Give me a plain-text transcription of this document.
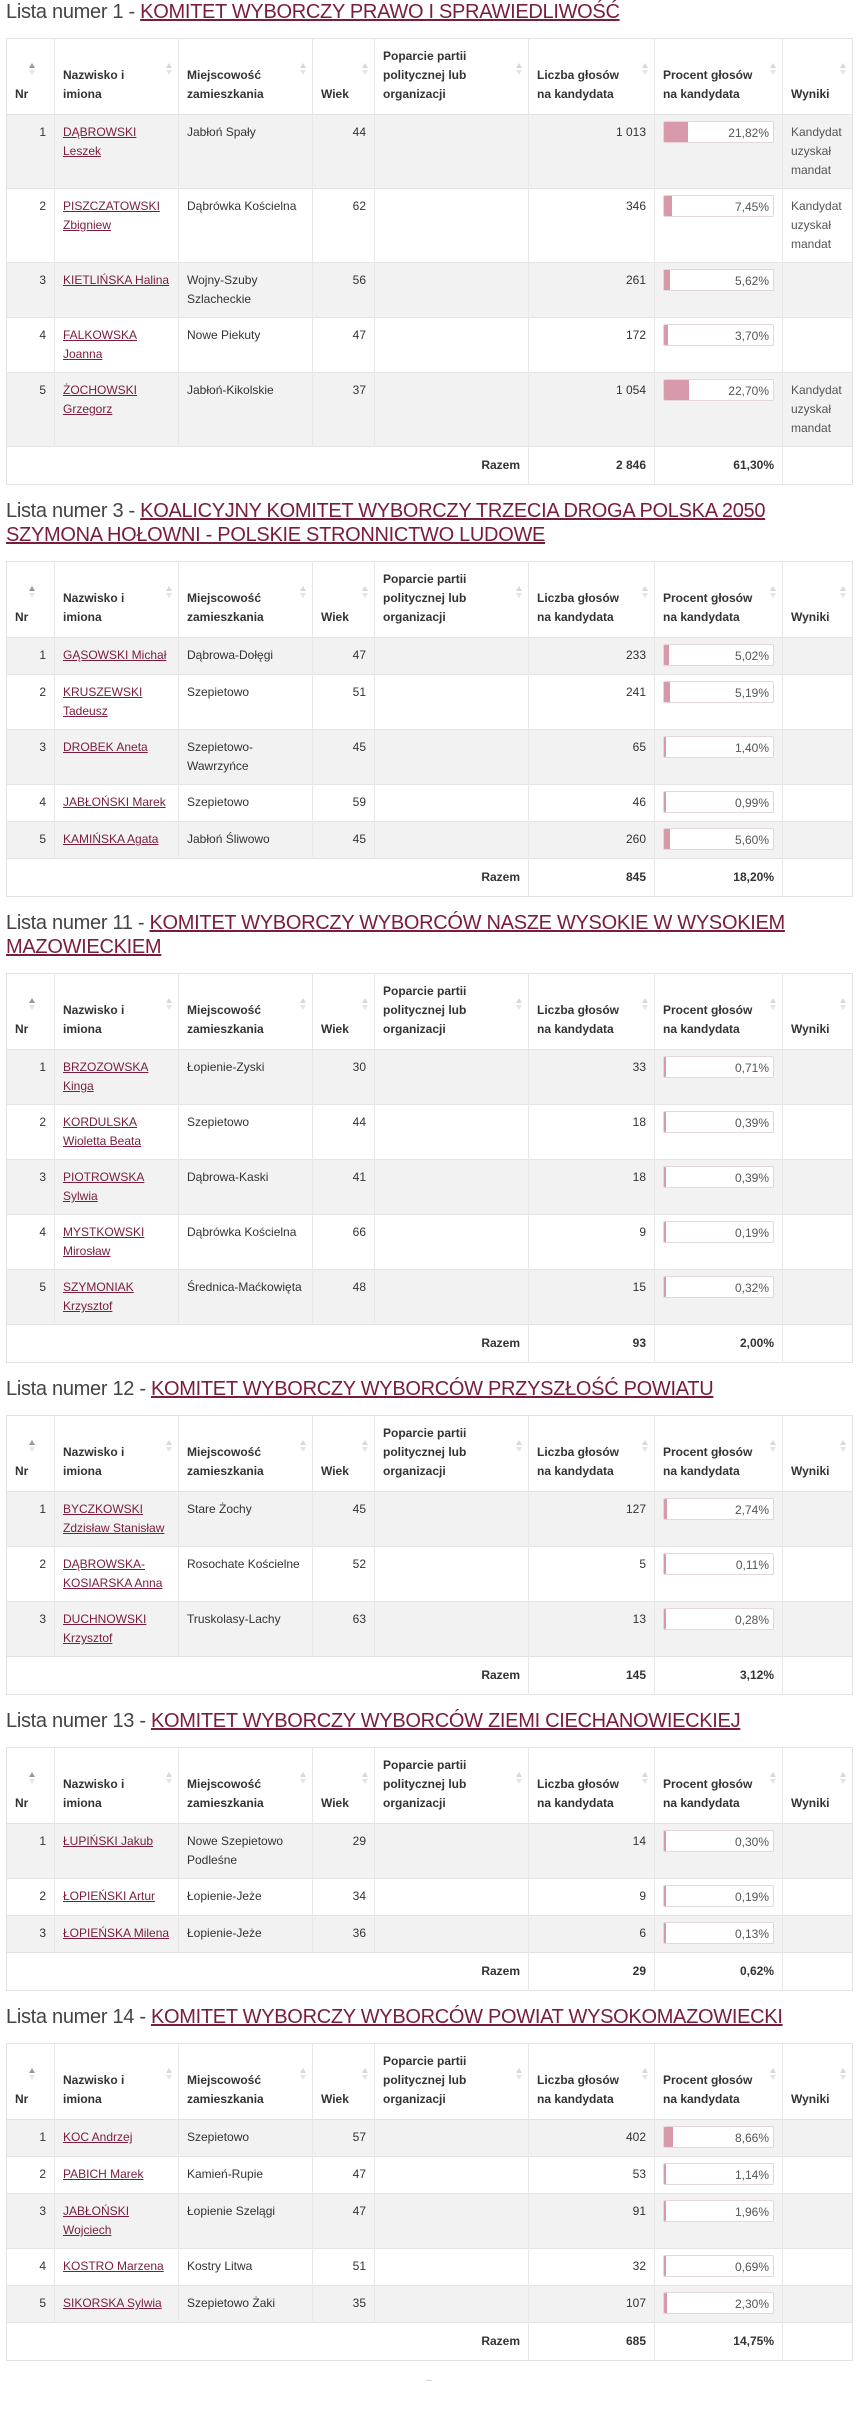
Lista numer 1 - KOMITET WYBORCZY PRAWO I SPRAWIEDLIWOŚĆ
Nr	Nazwisko i imiona	Miejscowość zamieszkania	Wiek	Poparcie partii politycznej lub organizacji	Liczba głosów na kandydata	Procent głosów na kandydata	Wyniki

1	DĄBROWSKI Leszek	Jabłoń Spały	44		1 013	21,82%	Kandydat uzyskał mandat
2	PISZCZATOWSKI Zbigniew	Dąbrówka Kościelna	62		346	7,45%	Kandydat uzyskał mandat
3	KIETLIŃSKA Halina	Wojny-Szuby Szlacheckie	56		261	5,62%	

4	FALKOWSKA Joanna	Nowe Piekuty	47		172	3,70%	

5	ŻOCHOWSKI Grzegorz	Jabłoń-Kikolskie	37		1 054	22,70%	Kandydat uzyskał mandat
				Razem	2 846	61,30%	
Lista numer 3 - KOALICYJNY KOMITET WYBORCZY TRZECIA DROGA POLSKA 2050 SZYMONA HOŁOWNI - POLSKIE STRONNICTWO LUDOWE
Nr	Nazwisko i imiona	Miejscowość zamieszkania	Wiek	Poparcie partii politycznej lub organizacji	Liczba głosów na kandydata	Procent głosów na kandydata	Wyniki

1	GĄSOWSKI Michał	Dąbrowa-Dołęgi	47		233	5,02%	

2	KRUSZEWSKI Tadeusz	Szepietowo	51		241	5,19%	

3	DROBEK Aneta	Szepietowo-Wawrzyńce	45		65	1,40%	

4	JABŁOŃSKI Marek	Szepietowo	59		46	0,99%	

5	KAMIŃSKA Agata	Jabłoń Śliwowo	45		260	5,60%	

				Razem	845	18,20%	
Lista numer 11 - KOMITET WYBORCZY WYBORCÓW NASZE WYSOKIE W WYSOKIEM MAZOWIECKIEM
Nr	Nazwisko i imiona	Miejscowość zamieszkania	Wiek	Poparcie partii politycznej lub organizacji	Liczba głosów na kandydata	Procent głosów na kandydata	Wyniki

1	BRZOZOWSKA Kinga	Łopienie-Zyski	30		33	0,71%	

2	KORDULSKA Wioletta Beata	Szepietowo	44		18	0,39%	

3	PIOTROWSKA Sylwia	Dąbrowa-Kaski	41		18	0,39%	

4	MYSTKOWSKI Mirosław	Dąbrówka Kościelna	66		9	0,19%	

5	SZYMONIAK Krzysztof	Średnica-Maćkowięta	48		15	0,32%	

				Razem	93	2,00%	
Lista numer 12 - KOMITET WYBORCZY WYBORCÓW PRZYSZŁOŚĆ POWIATU
Nr	Nazwisko i imiona	Miejscowość zamieszkania	Wiek	Poparcie partii politycznej lub organizacji	Liczba głosów na kandydata	Procent głosów na kandydata	Wyniki

1	BYCZKOWSKI Zdzisław Stanisław	Stare Żochy	45		127	2,74%	

2	DĄBROWSKA-KOSIARSKA Anna	Rosochate Kościelne	52		5	0,11%	

3	DUCHNOWSKI Krzysztof	Truskolasy-Lachy	63		13	0,28%	

				Razem	145	3,12%	
Lista numer 13 - KOMITET WYBORCZY WYBORCÓW ZIEMI CIECHANOWIECKIEJ
Nr	Nazwisko i imiona	Miejscowość zamieszkania	Wiek	Poparcie partii politycznej lub organizacji	Liczba głosów na kandydata	Procent głosów na kandydata	Wyniki

1	ŁUPIŃSKI Jakub	Nowe Szepietowo Podleśne	29		14	0,30%	

2	ŁOPIEŃSKI Artur	Łopienie-Jeże	34		9	0,19%	

3	ŁOPIEŃSKA Milena	Łopienie-Jeże	36		6	0,13%	

				Razem	29	0,62%	
Lista numer 14 - KOMITET WYBORCZY WYBORCÓW POWIAT WYSOKOMAZOWIECKI
Nr	Nazwisko i imiona	Miejscowość zamieszkania	Wiek	Poparcie partii politycznej lub organizacji	Liczba głosów na kandydata	Procent głosów na kandydata	Wyniki

1	KOC Andrzej	Szepietowo	57		402	8,66%	

2	PABICH Marek	Kamień-Rupie	47		53	1,14%	

3	JABŁOŃSKI Wojciech	Łopienie Szelągi	47		91	1,96%	

4	KOSTRO Marzena	Kostry Litwa	51		32	0,69%	

5	SIKORSKA Sylwia	Szepietowo Żaki	35		107	2,30%	

				Razem	685	14,75%	
–
